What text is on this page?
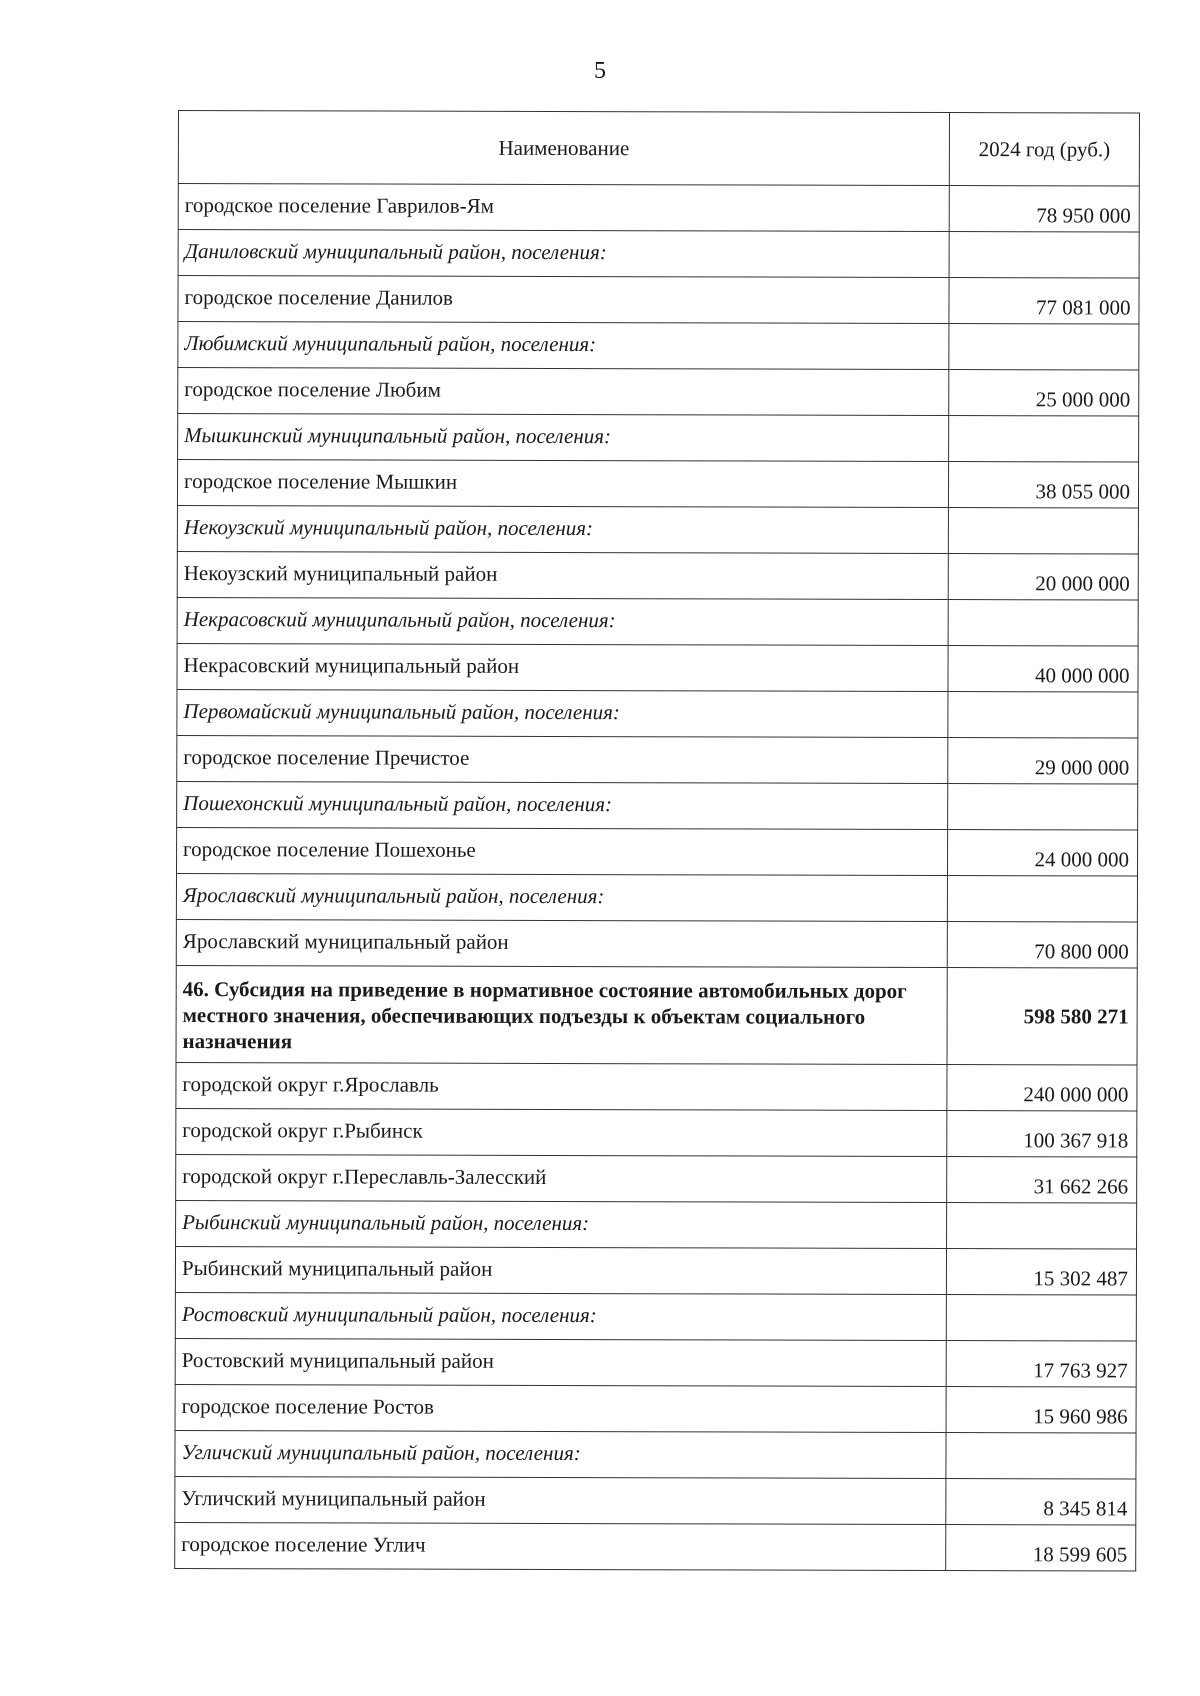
5
Наименование	2024 год (руб.)
городское поселение Гаврилов-Ям	78 950 000
Даниловский муниципальный район, поселения:	
городское поселение Данилов	77 081 000
Любимский муниципальный район, поселения:	
городское поселение Любим	25 000 000
Мышкинский муниципальный район, поселения:	
городское поселение Мышкин	38 055 000
Некоузский муниципальный район, поселения:	
Некоузский муниципальный район	20 000 000
Некрасовский муниципальный район, поселения:	
Некрасовский муниципальный район	40 000 000
Первомайский муниципальный район, поселения:	
городское поселение Пречистое	29 000 000
Пошехонский муниципальный район, поселения:	
городское поселение Пошехонье	24 000 000
Ярославский муниципальный район, поселения:	
Ярославский муниципальный район	70 800 000
46. Субсидия на приведение в нормативное состояние автомобильных дорог местного значения, обеспечивающих подъезды к объектам социального назначения	598 580 271
городской округ г.Ярославль	240 000 000
городской округ г.Рыбинск	100 367 918
городской округ г.Переславль-Залесский	31 662 266
Рыбинский муниципальный район, поселения:	
Рыбинский муниципальный район	15 302 487
Ростовский муниципальный район, поселения:	
Ростовский муниципальный район	17 763 927
городское поселение Ростов	15 960 986
Угличский муниципальный район, поселения:	
Угличский муниципальный район	8 345 814
городское поселение Углич	18 599 605
